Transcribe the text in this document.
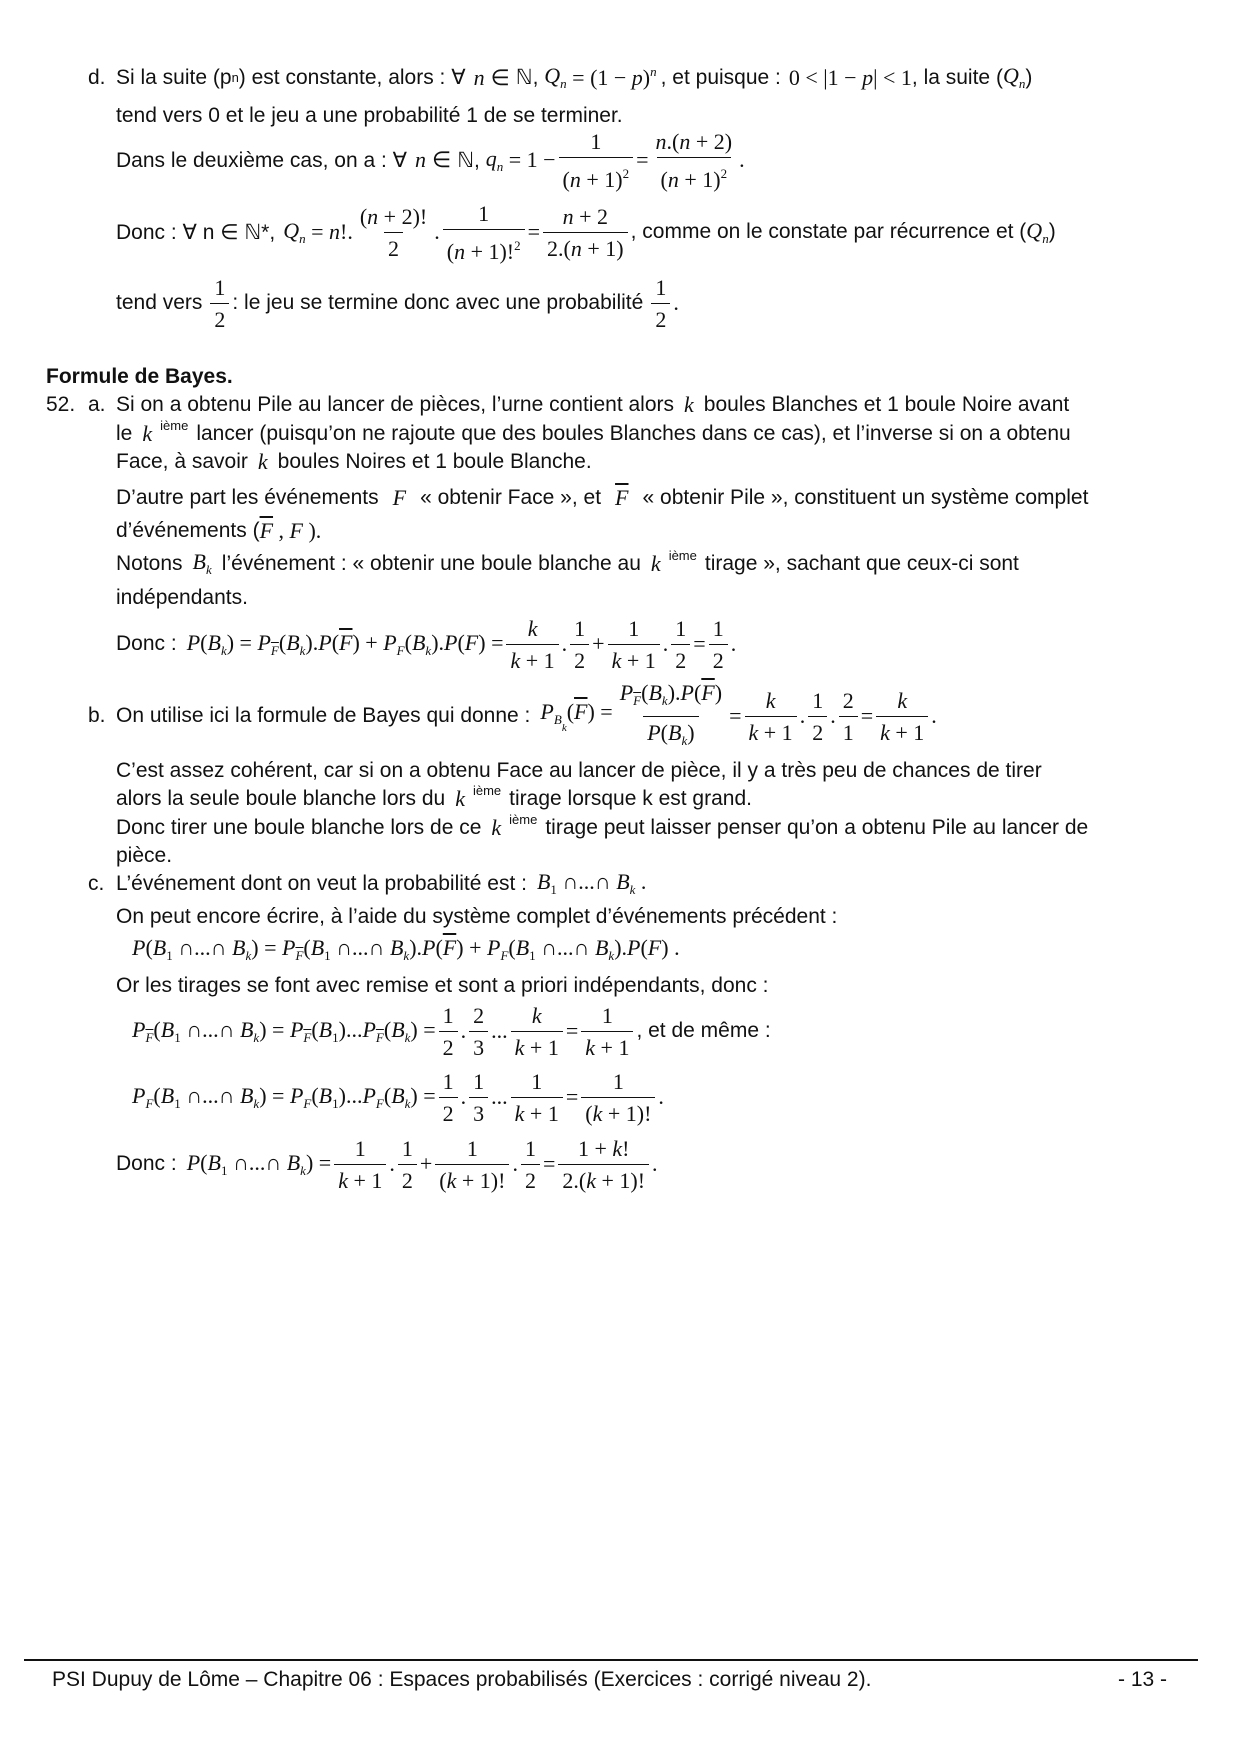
d. Si la suite (p n ) est constante, alors : ∀ n ∈ ℕ, $Q_n = (1 - p)^n$ , et puisque : 0 < |1 − p| < 1 , la suite ( $Q_n$ )
tend vers 0 et le jeu a une probabilité 1 de se terminer.
Dans le deuxième cas, on a : ∀ n ∈ ℕ, $q_n = 1 - \frac{1}{(n + 1)^2} = \frac{n.(n + 2)}{(n + 1)^2}$ .
Donc : ∀ n ∈ ℕ*, $Q_n = n$!. $\frac{(n + 2)!}{2}$ . $\frac{1}{(n + 1)!^2} = \frac{n + 2}{2.(n + 1)}$ , comme on le constate par récurrence et ( $Q_n$ )
tend vers $\frac{1}{2}$ : le jeu se termine donc avec une probabilité $\frac{1}{2}$ .
Formule de Bayes.
52. a. Si on a obtenu Pile au lancer de pièces, l’urne contient alors k boules Blanches et 1 boule Noire avant
le k ième lancer (puisqu’on ne rajoute que des boules Blanches dans ce cas), et l’inverse si on a obtenu
Face, à savoir k boules Noires et 1 boule Blanche.
D’autre part les événements F « obtenir Face », et $\overline{F}$ « obtenir Pile », constituent un système complet
d’événements ( $\overline{F}$ , F ).
Notons $B_k$ l’événement : « obtenir une boule blanche au k ième tirage », sachant que ceux-ci sont
indépendants.
Donc : $P(B_k) = P_{\overline{F}}(B_k).P(\overline{F}) + P_F(B_k).P(F) = \frac{k}{k + 1}$ . $\frac{1}{2} + \frac{1}{k + 1}$ . $\frac{1}{2} = \frac{1}{2}$ .
b. On utilise ici la formule de Bayes qui donne : $P_{B_k}(\overline{F}) = \frac{P_{\overline{F}}(B_k).P(\overline{F})}{P(B_k)} = \frac{k}{k + 1}$ . $\frac{1}{2}$ . $\frac{2}{1} = \frac{k}{k + 1}$ .
C’est assez cohérent, car si on a obtenu Face au lancer de pièce, il y a très peu de chances de tirer
alors la seule boule blanche lors du k ième tirage lorsque k est grand.
Donc tirer une boule blanche lors de ce k ième tirage peut laisser penser qu’on a obtenu Pile au lancer de
pièce.
c. L’événement dont on veut la probabilité est : $B_1$ ∩...∩ $B_k$ .
On peut encore écrire, à l’aide du système complet d’événements précédent :
$P(B_1$ ∩...∩ $B_k) = P_{\overline{F}}(B_1$ ∩...∩ $B_k).P(\overline{F}) + P_F(B_1$ ∩...∩ $B_k).P(F)$ .
Or les tirages se font avec remise et sont a priori indépendants, donc :
$P_{\overline{F}}(B_1$ ∩...∩ $B_k) = P_{\overline{F}}(B_1)...P_{\overline{F}}(B_k) = \frac{1}{2}$ . $\frac{2}{3}$ ... $\frac{k}{k + 1} = \frac{1}{k + 1}$ , et de même :
$P_F(B_1$ ∩...∩ $B_k) = P_F(B_1)...P_F(B_k) = \frac{1}{2}$ . $\frac{1}{3}$ ... $\frac{1}{k + 1} = \frac{1}{(k + 1)!}$ .
Donc : $P(B_1$ ∩...∩ $B_k) = \frac{1}{k + 1}$ . $\frac{1}{2} + \frac{1}{(k + 1)!}$ . $\frac{1}{2} = \frac{1 + k!}{2.(k + 1)!}$ .
PSI Dupuy de Lôme – Chapitre 06 : Espaces probabilisés (Exercices : corrigé niveau 2).	- 13 -
